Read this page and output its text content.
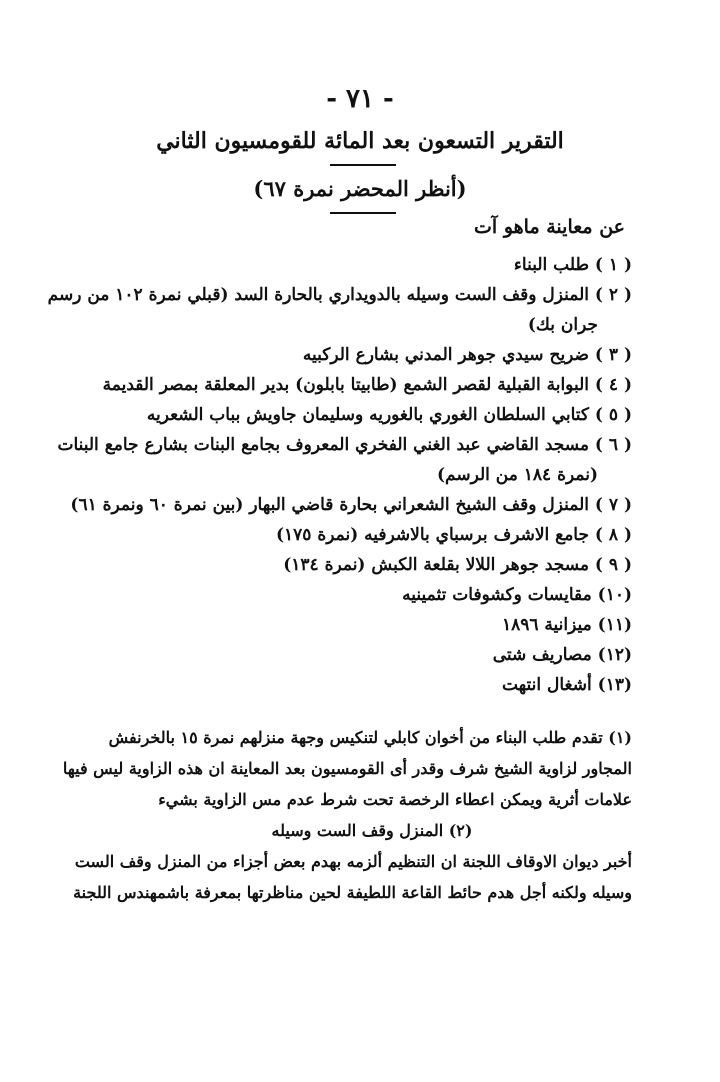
- ٧١ -
التقرير التسعون بعد المائة للقومسيون الثاني
(أنظر المحضر نمرة ٦٧)
عن معاينة ماهو آت
( ١ ) طلب البناء
( ٢ ) المنزل وقف الست وسيله بالدويداري بالحارة السد (قبلي نمرة ١٠٢ من رسم
جران بك)
( ٣ ) ضريح سيدي جوهر المدني بشارع الركبيه
( ٤ ) البوابة القبلية لقصر الشمع (طابيتا بابلون) بدير المعلقة بمصر القديمة
( ٥ ) كتابي السلطان الغوري بالغوريه وسليمان جاويش بباب الشعريه
( ٦ ) مسجد القاضي عبد الغني الفخري المعروف بجامع البنات بشارع جامع البنات
(نمرة ١٨٤ من الرسم)
( ٧ ) المنزل وقف الشيخ الشعراني بحارة قاضي البهار (بين نمرة ٦٠ ونمرة ٦١)
( ٨ ) جامع الاشرف برسباي بالاشرفيه (نمرة ١٧٥)
( ٩ ) مسجد جوهر اللالا بقلعة الكبش (نمرة ١٣٤)
(١٠) مقايسات وكشوفات تثمينيه
(١١) ميزانية ١٨٩٦
(١٢) مصاريف شتى
(١٣) أشغال انتهت

(١) تقدم طلب البناء من أخوان كابلي لتنكيس وجهة منزلهم نمرة ١٥ بالخرنفش

المجاور لزاوية الشيخ شرف وقدر أى القومسيون بعد المعاينة ان هذه الزاوية ليس فيها

علامات أثرية ويمكن اعطاء الرخصة تحت شرط عدم مس الزاوية بشيء

(٢) المنزل وقف الست وسيله

أخبر ديوان الاوقاف اللجنة ان التنظيم ألزمه بهدم بعض أجزاء من المنزل وقف الست

وسيله ولكنه أجل هدم حائط القاعة اللطيفة لحين مناظرتها بمعرفة باشمهندس اللجنة
